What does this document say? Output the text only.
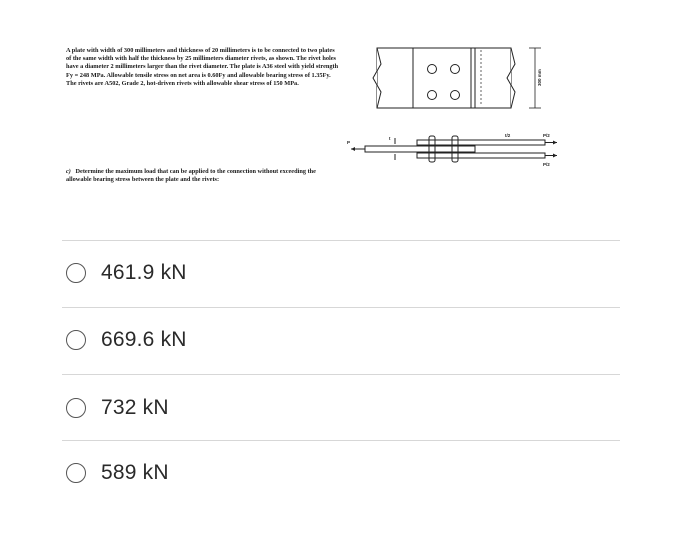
A plate with width of 300 millimeters and thickness of 20 millimeters is to be connected to two plates of the same width with half the thickness by 25 millimeters diameter rivets, as shown. The rivet holes have a diameter 2 millimeters larger than the rivet diameter. The plate is A36 steel with yield strength Fy = 248 MPa. Allowable tensile stress on net area is 0.60Fy and allowable bearing stress of 1.35Fy. The rivets are A502, Grade 2, hot-driven rivets with allowable shear stress of 150 MPa.	300 mm
P
P/2
P/2
t
t/2
c) Determine the maximum load that can be applied to the connection without exceeding the allowable bearing stress between the plate and the rivets:
461.9 kN
669.6 kN
732 kN
589 kN
